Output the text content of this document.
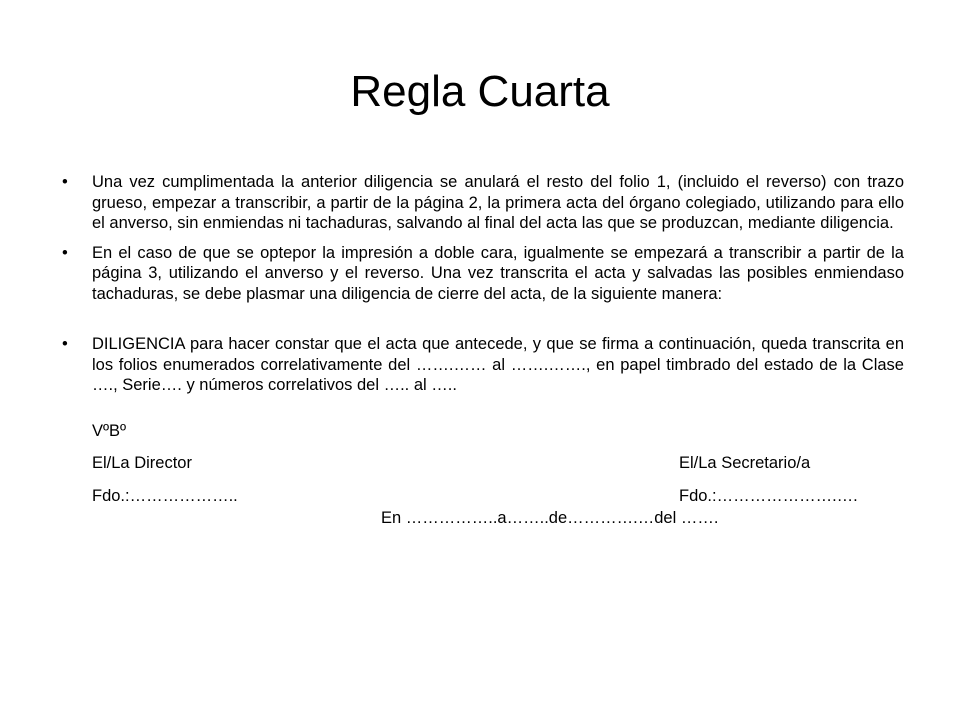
Regla Cuarta
• Una vez cumplimentada la anterior diligencia se anulará el resto del folio 1, (incluido el reverso) con trazo grueso, empezar a transcribir, a partir de la página 2, la primera acta del órgano colegiado, utilizando para ello el anverso, sin enmiendas ni tachaduras, salvando al final del acta las que se produzcan, mediante diligencia.
• En el caso de que se optepor la impresión a doble cara, igualmente se empezará a transcribir a partir de la página 3, utilizando el anverso y el reverso. Una vez transcrita el acta y salvadas las posibles enmiendaso tachaduras, se debe plasmar una diligencia de cierre del acta, de la siguiente manera:
• DILIGENCIA para hacer constar que el acta que antecede, y que se firma a continuación, queda transcrita en los folios enumerados correlativamente del …….…… al …….……., en papel timbrado del estado de la Clase …., Serie…. y números correlativos del ….. al …..
VºBº
El/La Director	El/La Secretario/a
Fdo.:………………..	Fdo.:………………….….
En ……………..a……..de………….…del …….
